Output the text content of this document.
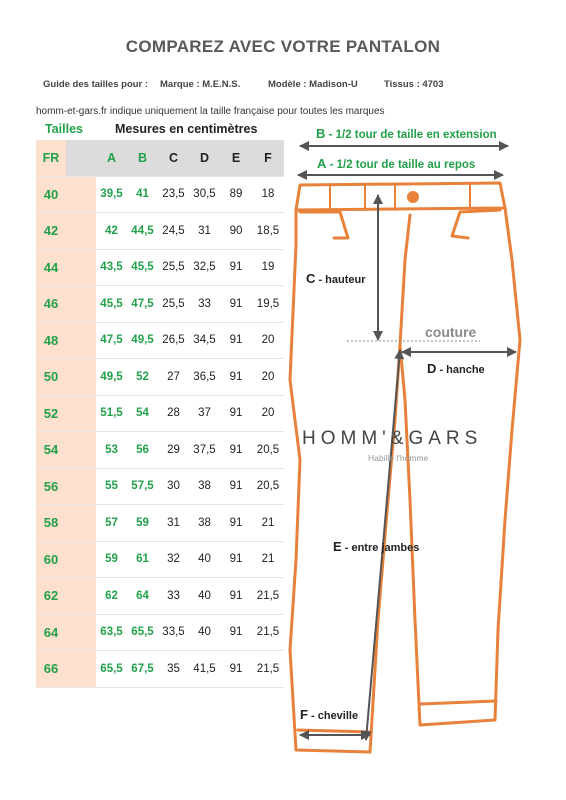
COMPAREZ AVEC VOTRE PANTALON
Guide des tailles pour : Marque : M.E.N.S.	Modèle : Madison-U	Tissus : 4703
homm-et-gars.fr indique uniquement la taille française pour toutes les marques
Tailles	Mesures en centimètres
FR		A	B	C	D	E	F
40		39,5	41	23,5	30,5	89	18
42		42	44,5	24,5	31	90	18,5
44		43,5	45,5	25,5	32,5	91	19
46		45,5	47,5	25,5	33	91	19,5
48		47,5	49,5	26,5	34,5	91	20
50		49,5	52	27	36,5	91	20
52		51,5	54	28	37	91	20
54		53	56	29	37,5	91	20,5
56		55	57,5	30	38	91	20,5
58		57	59	31	38	91	21
60		59	61	32	40	91	21
62		62	64	33	40	91	21,5
64		63,5	65,5	33,5	40	91	21,5
66		65,5	67,5	35	41,5	91	21,5
B - 1/2 tour de taille en extension
A - 1/2 tour de taille au repos
C - hauteur
couture
D - hanche
HOMM'&GARS
Habille l'homme
E - entre jambes
F - cheville
